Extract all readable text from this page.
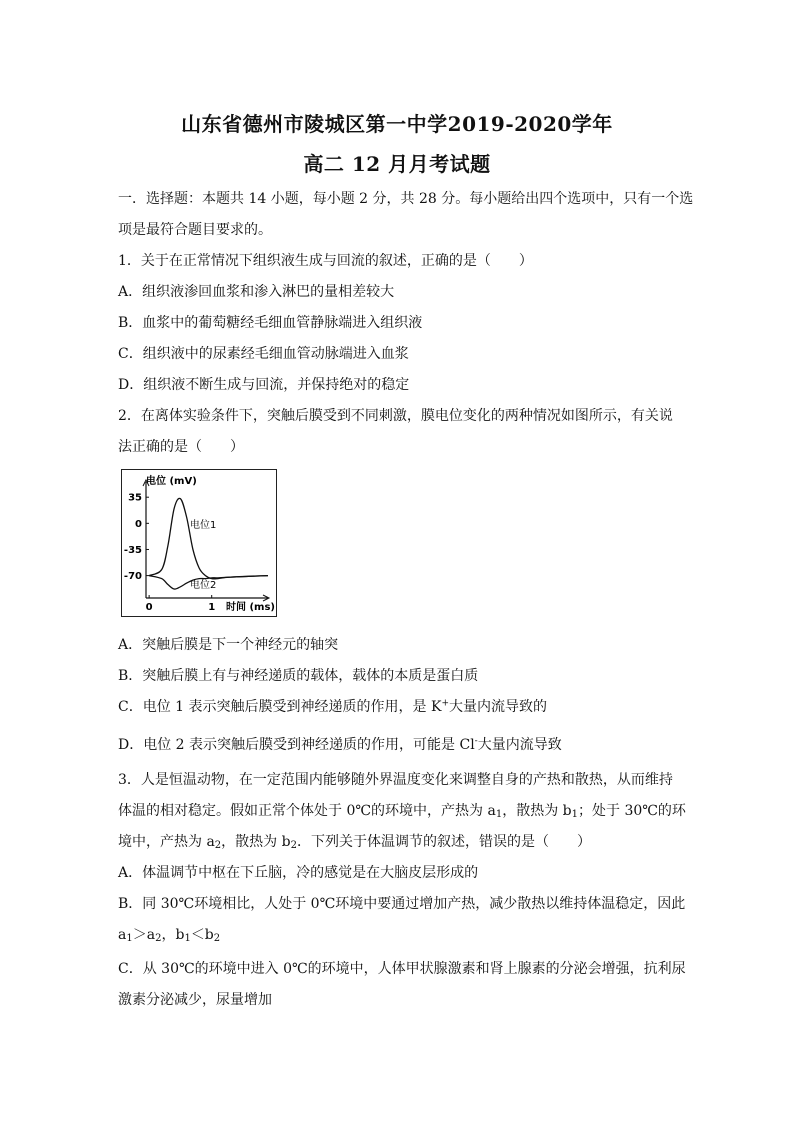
山东省德州市陵城区第一中学2019-2020学年
高二 12 月月考试题
一．选择题：本题共 14 小题，每小题 2 分，共 28 分。每小题给出四个选项中，只有一个选
项是最符合题目要求的。
1．关于在正常情况下组织液生成与回流的叙述，正确的是（　　）
A．组织液渗回血浆和渗入淋巴的量相差较大
B．血浆中的葡萄糖经毛细血管静脉端进入组织液
C．组织液中的尿素经毛细血管动脉端进入血浆
D．组织液不断生成与回流，并保持绝对的稳定
2．在离体实验条件下，突触后膜受到不同刺激，膜电位变化的两种情况如图所示，有关说
法正确的是（　　）
35
0
-35
-70
0	1
电位 (mV)
时间 (ms)
电位1
电位2
A．突触后膜是下一个神经元的轴突
B．突触后膜上有与神经递质的载体，载体的本质是蛋白质
C．电位 1 表示突触后膜受到神经递质的作用，是 K+大量内流导致的
D．电位 2 表示突触后膜受到神经递质的作用，可能是 Cl-大量内流导致
3．人是恒温动物，在一定范围内能够随外界温度变化来调整自身的产热和散热，从而维持
体温的相对稳定。假如正常个体处于 0℃的环境中，产热为 $a_1$，散热为 $b_1$；处于 30℃的环
境中，产热为 $a_2$，散热为 $b_2$．下列关于体温调节的叙述，错误的是（　　）
A．体温调节中枢在下丘脑，冷的感觉是在大脑皮层形成的
B．同 30℃环境相比，人处于 0℃环境中要通过增加产热，减少散热以维持体温稳定，因此
$a_1>a_2$，$b_1<b_2$
C．从 30℃的环境中进入 0℃的环境中，人体甲状腺激素和肾上腺素的分泌会增强，抗利尿
激素分泌减少，尿量增加
